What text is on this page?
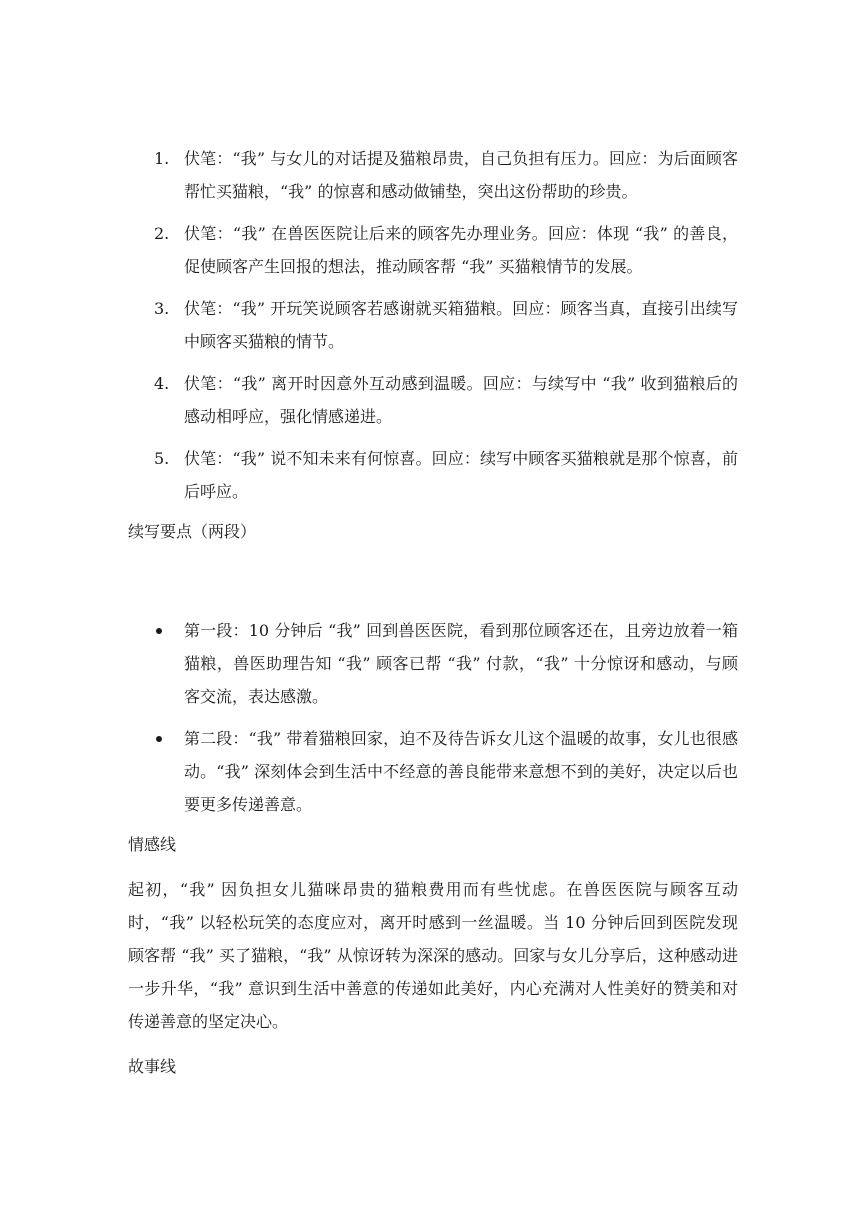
1. 伏笔：“我” 与女儿的对话提及猫粮昂贵，自己负担有压力。回应：为后面顾客帮忙买猫粮，“我” 的惊喜和感动做铺垫，突出这份帮助的珍贵。
2. 伏笔：“我” 在兽医医院让后来的顾客先办理业务。回应：体现 “我” 的善良，促使顾客产生回报的想法，推动顾客帮 “我” 买猫粮情节的发展。
3. 伏笔：“我” 开玩笑说顾客若感谢就买箱猫粮。回应：顾客当真，直接引出续写中顾客买猫粮的情节。
4. 伏笔：“我” 离开时因意外互动感到温暖。回应：与续写中 “我” 收到猫粮后的感动相呼应，强化情感递进。
5. 伏笔：“我” 说不知未来有何惊喜。回应：续写中顾客买猫粮就是那个惊喜，前后呼应。

续写要点（两段）

第一段：10 分钟后 “我” 回到兽医医院，看到那位顾客还在，且旁边放着一箱猫粮，兽医助理告知 “我” 顾客已帮 “我” 付款，“我” 十分惊讶和感动，与顾客交流，表达感激。
第二段：“我” 带着猫粮回家，迫不及待告诉女儿这个温暖的故事，女儿也很感动。“我” 深刻体会到生活中不经意的善良能带来意想不到的美好，决定以后也要更多传递善意。

情感线

起初，“我” 因负担女儿猫咪昂贵的猫粮费用而有些忧虑。在兽医医院与顾客互动时，“我” 以轻松玩笑的态度应对，离开时感到一丝温暖。当 10 分钟后回到医院发现顾客帮 “我” 买了猫粮，“我” 从惊讶转为深深的感动。回家与女儿分享后，这种感动进一步升华，“我” 意识到生活中善意的传递如此美好，内心充满对人性美好的赞美和对传递善意的坚定决心。

故事线
